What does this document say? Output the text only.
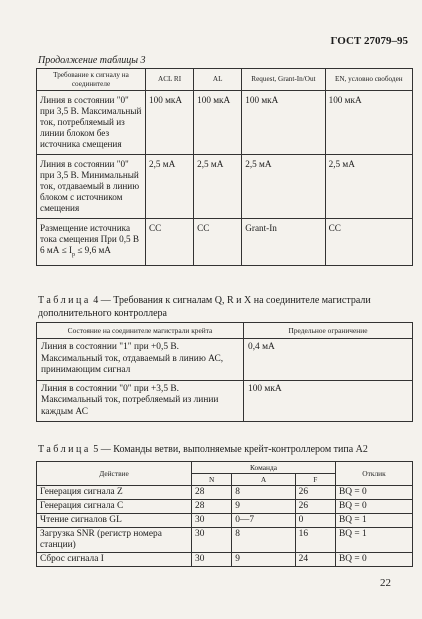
ГОСТ 27079–95
Продолжение таблицы 3
Требование к сигналу на соединителе	ACL RI	AL	Request, Grant-In/Out	EN, условно свободен
Линия в состоянии "0" при 3,5 В. Максимальный ток, потребляемый из линии блоком без источника смещения	100 мкА	100 мкА	100 мкА	100 мкА
Линия в состоянии "0" при 3,5 В. Минимальный ток, отдаваемый в линию блоком с источником смещения	2,5 мА	2,5 мА	2,5 мА	2,5 мА
Размещение источника тока смещения При 0,5 В
6 мА ≤ $I_р \le 9,6$ мА	CC	CC	Grant-In	CC
Таблица 4 — Требования к сигналам Q, R и X на соединителе магистрали дополнительного контроллера
Состояние на соединителе магистрали крейта	Предельное ограничение
Линия в состоянии "1" при +0,5 В. Максимальный ток, отдаваемый в линию АС, принимающим сигнал	0,4 мА
Линия в состоянии "0" при +3,5 В. Максимальный ток, потребляемый из линии каждым АС	100 мкА
Таблица 5 — Команды ветви, выполняемые крейт-контроллером типа А2
Действие	Команда			Отклик
	N	A	F	
Генерация сигнала Z	28	8	26	BQ = 0
Генерация сигнала С	28	9	26	BQ = 0
Чтение сигналов GL	30	0—7	0	BQ = 1
Загрузка SNR (регистр номера станции)	30	8	16	BQ = 1
Сброс сигнала I	30	9	24	BQ = 0
22
